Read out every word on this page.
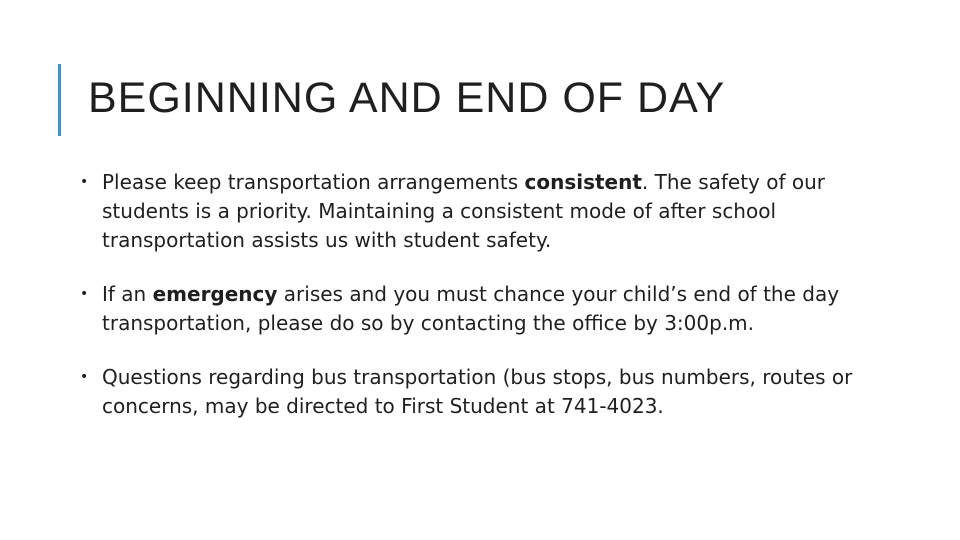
BEGINNING AND END OF DAY
• Please keep transportation arrangements consistent. The safety of our students is a priority. Maintaining a consistent mode of after school transportation assists us with student safety.
• If an emergency arises and you must chance your child’s end of the day transportation, please do so by contacting the office by 3:00p.m.
• Questions regarding bus transportation (bus stops, bus numbers, routes or concerns, may be directed to First Student at 741-4023.
